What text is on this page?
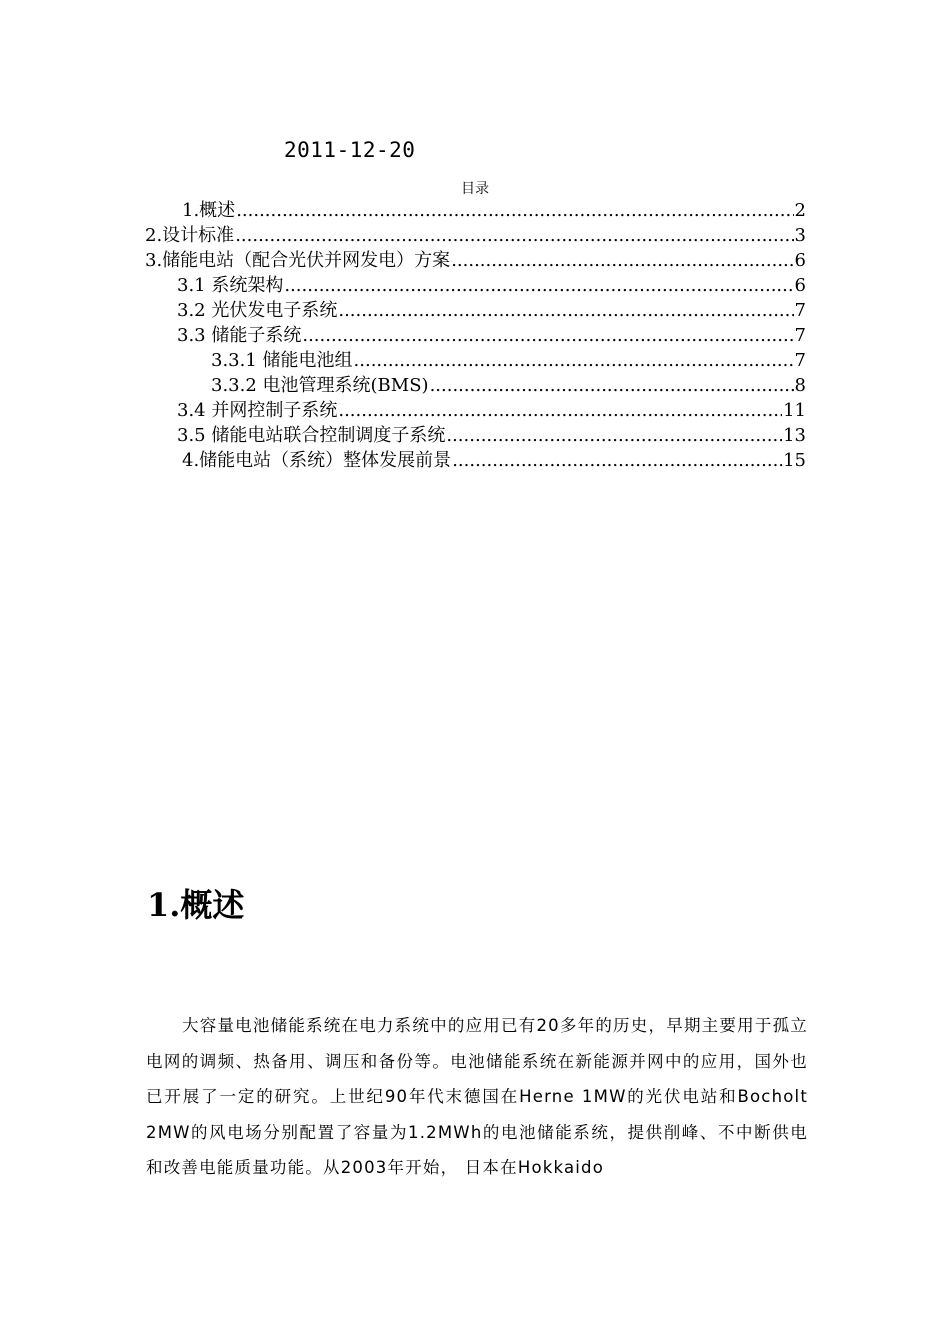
2011-12-20
目录
1.概述 .....	2
2.设计标准 .....	3
3.储能电站（配合光伏并网发电）方案 .....	6
3.1 系统架构 .....	6
3.2 光伏发电子系统 .....	7
3.3 储能子系统 .....	7
3.3.1 储能电池组 .....	7
3.3.2 电池管理系统(BMS) .....	8
3.4 并网控制子系统 .....	11
3.5 储能电站联合控制调度子系统 .....	13
4.储能电站（系统）整体发展前景 .....	15
1.概述
大容量电池储能系统在电力系统中的应用已有20多年的历史，早期主要用于孤立电网的调频、热备用、调压和备份等。电池储能系统在新能源并网中的应用，国外也已开展了一定的研究。上世纪90年代末德国在Herne 1MW的光伏电站和Bocholt 2MW的风电场分别配置了容量为1.2MWh的电池储能系统，提供削峰、不中断供电和改善电能质量功能。从2003年开始， 日本在Hokkaido
